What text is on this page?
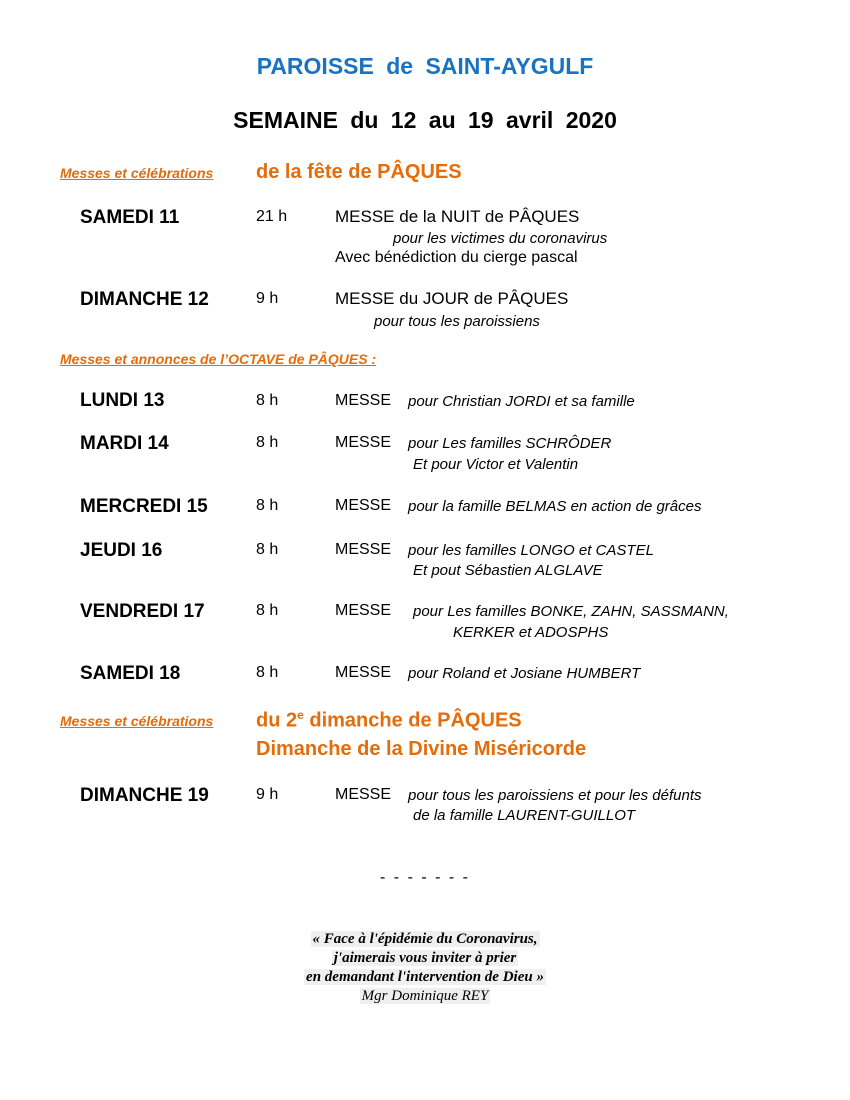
PAROISSE de SAINT-AYGULF
SEMAINE du 12 au 19 avril 2020
Messes et célébrations de la fête de PÂQUES
SAMEDI 11	21 h	MESSE de la NUIT de PÂQUES
pour les victimes du coronavirus
Avec bénédiction du cierge pascal
DIMANCHE 12	9 h	MESSE du JOUR de PÂQUES
pour tous les paroissiens
Messes et annonces de l’OCTAVE de PÂQUES :
LUNDI 13	8 h	MESSE pour Christian JORDI et sa famille
MARDI 14	8 h	MESSE pour Les familles SCHRÔDER
Et pour Victor et Valentin
MERCREDI 15	8 h	MESSE pour la famille BELMAS en action de grâces
JEUDI 16	8 h	MESSE pour les familles LONGO et CASTEL
Et pout Sébastien ALGLAVE
VENDREDI 17	8 h	MESSE pour Les familles BONKE, ZAHN, SASSMANN,
KERKER et ADOSPHS
SAMEDI 18	8 h	MESSE pour Roland et Josiane HUMBERT
Messes et célébrations du 2e dimanche de PÂQUES
Dimanche de la Divine Miséricorde
DIMANCHE 19	9 h	MESSE pour tous les paroissiens et pour les défunts
de la famille LAURENT-GUILLOT
- - - - - - -
« Face à l'épidémie du Coronavirus,
j'aimerais vous inviter à prier
en demandant l'intervention de Dieu »
Mgr Dominique REY
